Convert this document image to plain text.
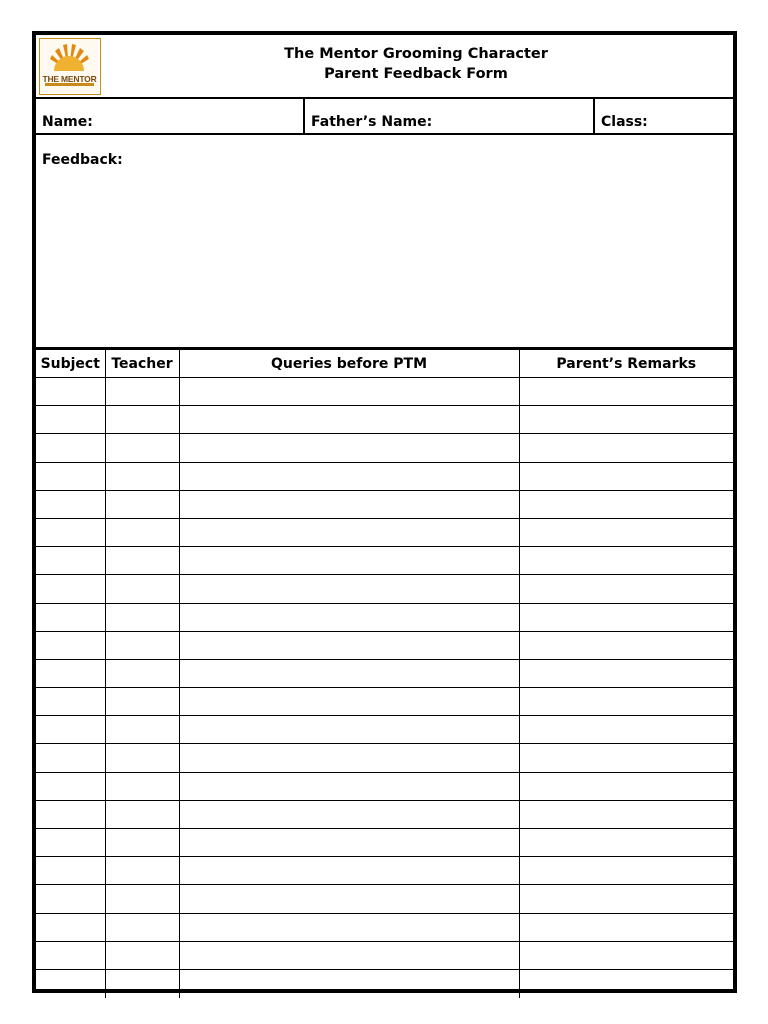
THE MENTOR
The Mentor Grooming Character
Parent Feedback Form
Name:	Father’s Name:	Class:
Feedback:
Subject	Teacher	Queries before PTM	Parent’s Remarks
